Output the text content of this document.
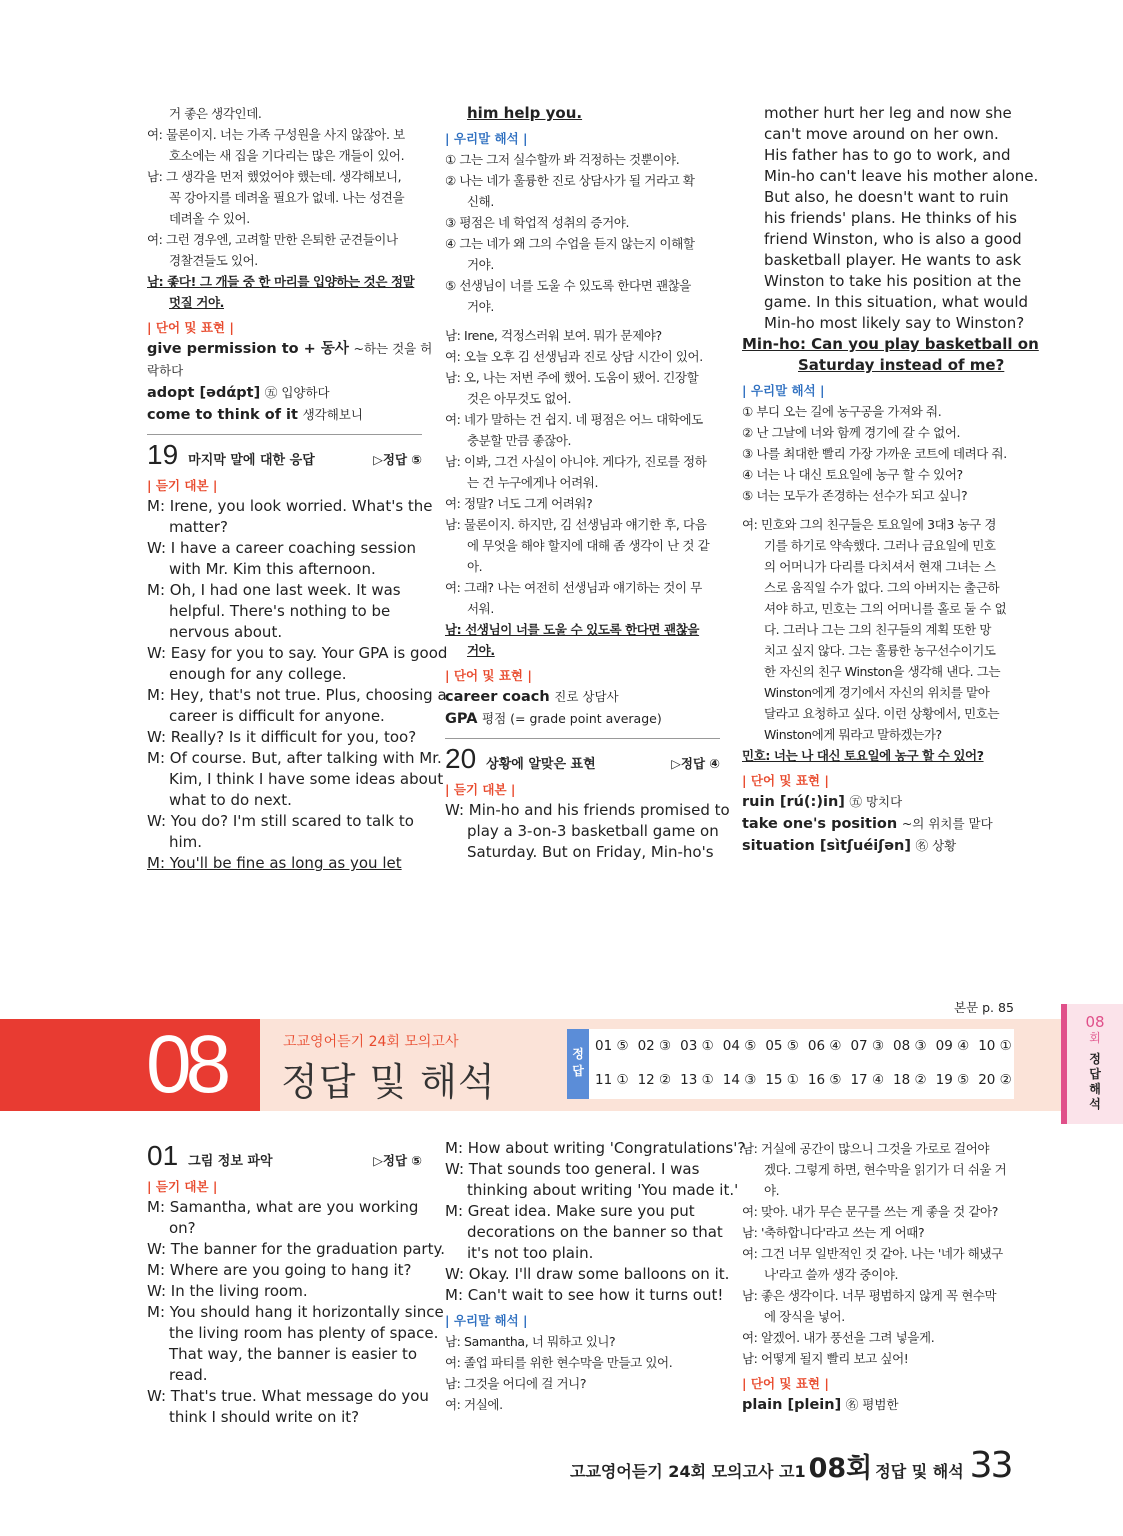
거 좋은 생각인데.
여: 물론이지. 너는 가족 구성원을 사지 않잖아. 보
호소에는 새 집을 기다리는 많은 개들이 있어.
남: 그 생각을 먼저 했었어야 했는데. 생각해보니,
꼭 강아지를 데려올 필요가 없네. 나는 성견을
데려올 수 있어.
여: 그런 경우엔, 고려할 만한 은퇴한 군견들이나
경찰견들도 있어.
남: 좋다! 그 개들 중 한 마리를 입양하는 것은 정말
멋질 거야.
| 단어 및 표현 |
give permission to + 동사 ~하는 것을 허
락하다
adopt [ədάpt] ㊄ 입양하다
come to think of it 생각해보니
19 마지막 말에 대한 응답	▷정답 ⑤
| 듣기 대본 |
M: Irene, you look worried. What's the
matter?
W: I have a career coaching session
with Mr. Kim this afternoon.
M: Oh, I had one last week. It was
helpful. There's nothing to be
nervous about.
W: Easy for you to say. Your GPA is good
enough for any college.
M: Hey, that's not true. Plus, choosing a
career is difficult for anyone.
W: Really? Is it difficult for you, too?
M: Of course. But, after talking with Mr.
Kim, I think I have some ideas about
what to do next.
W: You do? I'm still scared to talk to
him.
M: You'll be fine as long as you let
him help you.
| 우리말 해석 |
① 그는 그저 실수할까 봐 걱정하는 것뿐이야.
② 나는 네가 훌륭한 진로 상담사가 될 거라고 확
신해.
③ 평점은 네 학업적 성취의 증거야.
④ 그는 네가 왜 그의 수업을 듣지 않는지 이해할
거야.
⑤ 선생님이 너를 도울 수 있도록 한다면 괜찮을
거야.
남: Irene, 걱정스러워 보여. 뭐가 문제야?
여: 오늘 오후 김 선생님과 진로 상담 시간이 있어.
남: 오, 나는 저번 주에 했어. 도움이 됐어. 긴장할
것은 아무것도 없어.
여: 네가 말하는 건 쉽지. 네 평점은 어느 대학에도
충분할 만큼 좋잖아.
남: 이봐, 그건 사실이 아니야. 게다가, 진로를 정하
는 건 누구에게나 어려워.
여: 정말? 너도 그게 어려워?
남: 물론이지. 하지만, 김 선생님과 얘기한 후, 다음
에 무엇을 해야 할지에 대해 좀 생각이 난 것 같
아.
여: 그래? 나는 여전히 선생님과 얘기하는 것이 무
서워.
남: 선생님이 너를 도울 수 있도록 한다면 괜찮을
거야.
| 단어 및 표현 |
career coach 진로 상담사
GPA 평점 (= grade point average)
20 상황에 알맞은 표현	▷정답 ④
| 듣기 대본 |
W: Min-ho and his friends promised to
play a 3-on-3 basketball game on
Saturday. But on Friday, Min-ho's
mother hurt her leg and now she
can't move around on her own.
His father has to go to work, and
Min-ho can't leave his mother alone.
But also, he doesn't want to ruin
his friends' plans. He thinks of his
friend Winston, who is also a good
basketball player. He wants to ask
Winston to take his position at the
game. In this situation, what would
Min-ho most likely say to Winston?
Min-ho: Can you play basketball on
Saturday instead of me?
| 우리말 해석 |
① 부디 오는 길에 농구공을 가져와 줘.
② 난 그날에 너와 함께 경기에 갈 수 없어.
③ 나를 최대한 빨리 가장 가까운 코트에 데려다 줘.
④ 너는 나 대신 토요일에 농구 할 수 있어?
⑤ 너는 모두가 존경하는 선수가 되고 싶니?
여: 민호와 그의 친구들은 토요일에 3대3 농구 경
기를 하기로 약속했다. 그러나 금요일에 민호
의 어머니가 다리를 다치셔서 현재 그녀는 스
스로 움직일 수가 없다. 그의 아버지는 출근하
셔야 하고, 민호는 그의 어머니를 홀로 둘 수 없
다. 그러나 그는 그의 친구들의 계획 또한 망
치고 싶지 않다. 그는 훌륭한 농구선수이기도
한 자신의 친구 Winston을 생각해 낸다. 그는
Winston에게 경기에서 자신의 위치를 맡아
달라고 요청하고 싶다. 이런 상황에서, 민호는
Winston에게 뭐라고 말하겠는가?
민호: 너는 나 대신 토요일에 농구 할 수 있어?
| 단어 및 표현 |
ruin [rú(:)in] ㊄ 망치다
take one's position ~의 위치를 맡다
situation [sìtʃuéiʃən] ㊔ 상황
본문 p. 85
08	고교영어듣기 24회 모의고사
정답 및 해석
정답
01 ⑤ 02 ③ 03 ① 04 ⑤ 05 ⑤ 06 ④ 07 ③ 08 ③ 09 ④ 10 ①
11 ① 12 ② 13 ① 14 ③ 15 ① 16 ⑤ 17 ④ 18 ② 19 ⑤ 20 ②
08
회
정
답
해
석
01 그림 정보 파악	▷정답 ⑤
| 듣기 대본 |
M: Samantha, what are you working
on?
W: The banner for the graduation party.
M: Where are you going to hang it?
W: In the living room.
M: You should hang it horizontally since
the living room has plenty of space.
That way, the banner is easier to
read.
W: That's true. What message do you
think I should write on it?
M: How about writing 'Congratulations'?
W: That sounds too general. I was
thinking about writing 'You made it.'
M: Great idea. Make sure you put
decorations on the banner so that
it's not too plain.
W: Okay. I'll draw some balloons on it.
M: Can't wait to see how it turns out!
| 우리말 해석 |
남: Samantha, 너 뭐하고 있니?
여: 졸업 파티를 위한 현수막을 만들고 있어.
남: 그것을 어디에 걸 거니?
여: 거실에.
남: 거실에 공간이 많으니 그것을 가로로 걸어야
겠다. 그렇게 하면, 현수막을 읽기가 더 쉬울 거
야.
여: 맞아. 내가 무슨 문구를 쓰는 게 좋을 것 같아?
남: '축하합니다'라고 쓰는 게 어때?
여: 그건 너무 일반적인 것 같아. 나는 '네가 해냈구
나'라고 쓸까 생각 중이야.
남: 좋은 생각이다. 너무 평범하지 않게 꼭 현수막
에 장식을 넣어.
여: 알겠어. 내가 풍선을 그려 넣을게.
남: 어떻게 될지 빨리 보고 싶어!
| 단어 및 표현 |
plain [plein] ㊔ 평범한
고교영어듣기 24회 모의고사 고1 08회 정답 및 해석 33
